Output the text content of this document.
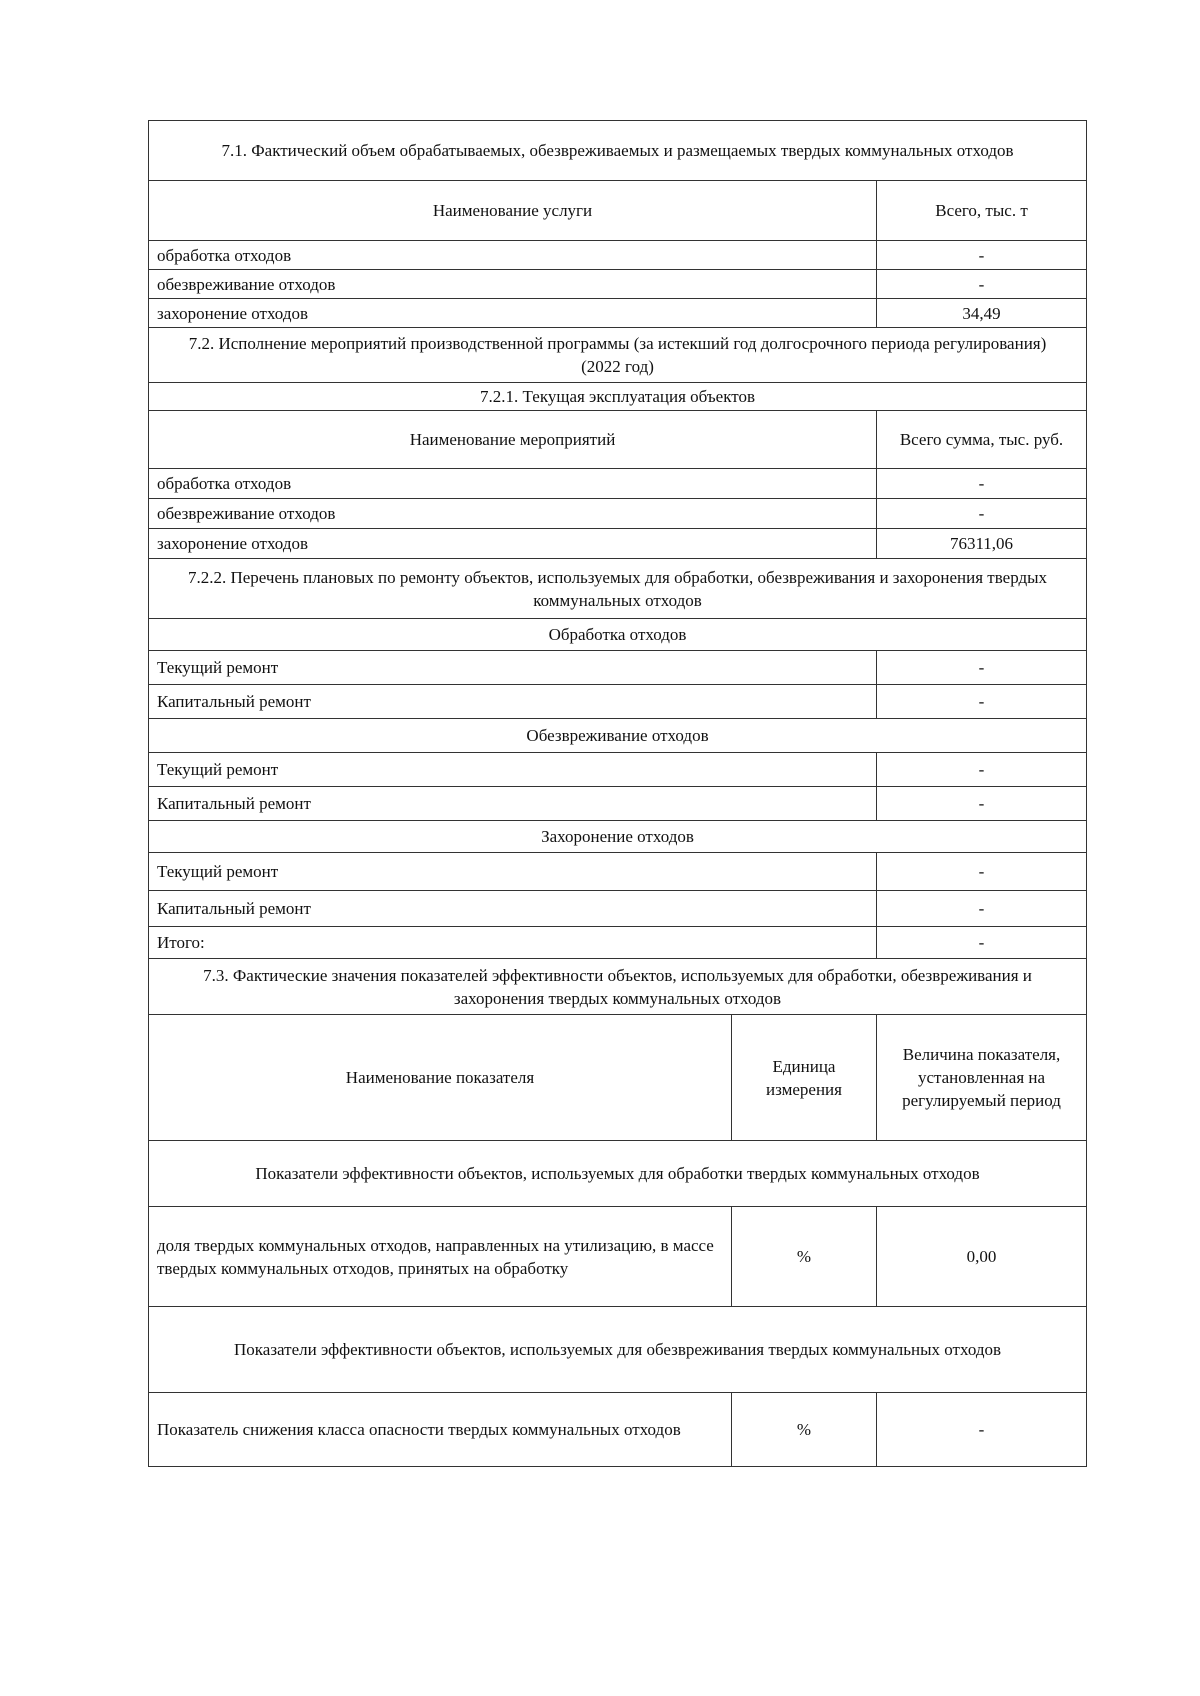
7.1. Фактический объем обрабатываемых, обезвреживаемых и размещаемых твердых коммунальных отходов		
Наименование услуги		Всего, тыс. т
обработка отходов		-
обезвреживание отходов		-
захоронение отходов		34,49
7.2. Исполнение мероприятий производственной программы (за истекший год долгосрочного периода регулирования) (2022 год)		
7.2.1. Текущая эксплуатация объектов		
Наименование мероприятий		Всего сумма, тыс. руб.
обработка отходов		-
обезвреживание отходов		-
захоронение отходов		76311,06
7.2.2. Перечень плановых по ремонту объектов, используемых для обработки, обезвреживания и захоронения твердых коммунальных отходов		
Обработка отходов		
Текущий ремонт		-
Капитальный ремонт		-
Обезвреживание отходов		
Текущий ремонт		-
Капитальный ремонт		-
Захоронение отходов		
Текущий ремонт		-
Капитальный ремонт		-
Итого:		-
7.3. Фактические значения показателей эффективности объектов, используемых для обработки, обезвреживания и захоронения твердых коммунальных отходов		
Наименование показателя	Единица измерения	Величина показателя, установленная на регулируемый период
Показатели эффективности объектов, используемых для обработки твердых коммунальных отходов		
доля твердых коммунальных отходов, направленных на утилизацию, в массе твердых коммунальных отходов, принятых на обработку	%	0,00
Показатели эффективности объектов, используемых для обезвреживания твердых коммунальных отходов		
Показатель снижения класса опасности твердых коммунальных отходов	%	-
